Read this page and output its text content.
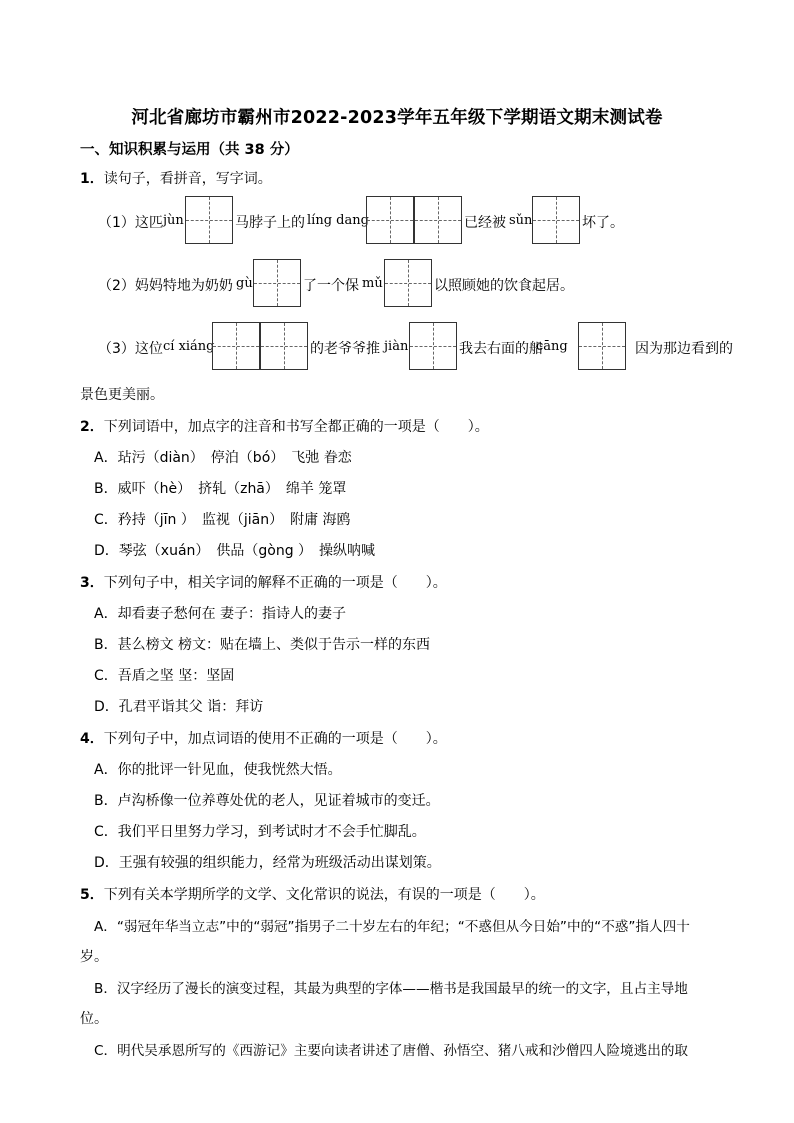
河北省廊坊市霸州市2022-2023学年五年级下学期语文期末测试卷
一、知识积累与运用（共 38 分）
1．读句子，看拼音，写字词。
（1）这匹 jùn	马脖子上的 líng dang	已经被 sǔn	坏了。
（2）妈妈特地为奶奶 gù	了一个保 mǔ	以照顾她的饮食起居。
（3）这位 cí xiáng	的老爷爷推 jiàn	我去右面的船
cāng	因为那边看到的
景色更美丽。
2．下列词语中，加点字的注音和书写全都正确的一项是（　　）。
A．玷污（diàn）　停泊（bó）　飞弛 眷恋
B．威吓（hè）　挤轧（zhā）　绵羊 笼罩
C．矜持（jīn ）　监视（jiān）　附庸 海鸥
D．琴弦（xuán）　供品（gòng ）　操纵呐喊
3．下列句子中，相关字词的解释不正确的一项是（　　）。
A．却看妻子愁何在 妻子：指诗人的妻子
B．甚么榜文 榜文：贴在墙上、类似于告示一样的东西
C．吾盾之坚 坚：坚固
D．孔君平诣其父 诣：拜访
4．下列句子中，加点词语的使用不正确的一项是（　　）。
A．你的批评一针见血，使我恍然大悟。
B．卢沟桥像一位养尊处优的老人，见证着城市的变迁。
C．我们平日里努力学习，到考试时才不会手忙脚乱。
D．王强有较强的组织能力，经常为班级活动出谋划策。
5．下列有关本学期所学的文学、文化常识的说法，有误的一项是（　　）。
A．“弱冠年华当立志”中的“弱冠”指男子二十岁左右的年纪；“不惑但从今日始”中的“不惑”指人四十
岁。
B．汉字经历了漫长的演变过程，其最为典型的字体——楷书是我国最早的统一的文字，且占主导地
位。
C．明代吴承恩所写的《西游记》主要向读者讲述了唐僧、孙悟空、猪八戒和沙僧四人险境逃出的取
